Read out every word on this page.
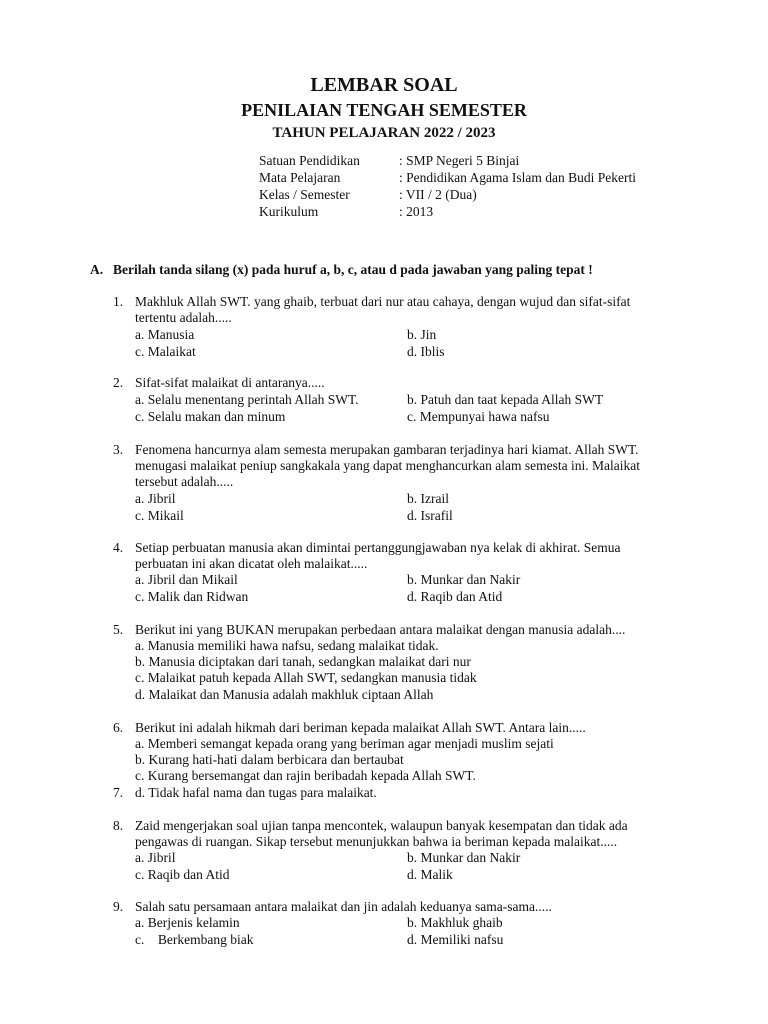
LEMBAR SOAL
PENILAIAN TENGAH SEMESTER
TAHUN PELAJARAN 2022 / 2023
Satuan Pendidikan	: SMP Negeri 5 Binjai
Mata Pelajaran	: Pendidikan Agama Islam dan Budi Pekerti
Kelas / Semester	: VII / 2 (Dua)
Kurikulum	: 2013
A. Berilah tanda silang (x) pada huruf a, b, c, atau d pada jawaban yang paling tepat !
1. Makhluk Allah SWT. yang ghaib, terbuat dari nur atau cahaya, dengan wujud dan sifat-sifat
tertentu adalah.....
a. Manusia	b. Jin
c. Malaikat	d. Iblis
2. Sifat-sifat malaikat di antaranya.....
a. Selalu menentang perintah Allah SWT.	b. Patuh dan taat kepada Allah SWT
c. Selalu makan dan minum	c. Mempunyai hawa nafsu
3. Fenomena hancurnya alam semesta merupakan gambaran terjadinya hari kiamat. Allah SWT.
menugasi malaikat peniup sangkakala yang dapat menghancurkan alam semesta ini. Malaikat
tersebut adalah.....
a. Jibril	b. Izrail
c. Mikail	d. Israfil
4. Setiap perbuatan manusia akan dimintai pertanggungjawaban nya kelak di akhirat. Semua
perbuatan ini akan dicatat oleh malaikat.....
a. Jibril dan Mikail	b. Munkar dan Nakir
c. Malik dan Ridwan	d. Raqib dan Atid
5. Berikut ini yang BUKAN merupakan perbedaan antara malaikat dengan manusia adalah....
a. Manusia memiliki hawa nafsu, sedang malaikat tidak.
b. Manusia diciptakan dari tanah, sedangkan malaikat dari nur
c. Malaikat patuh kepada Allah SWT, sedangkan manusia tidak
d. Malaikat dan Manusia adalah makhluk ciptaan Allah
6. Berikut ini adalah hikmah dari beriman kepada malaikat Allah SWT. Antara lain.....
a. Memberi semangat kepada orang yang beriman agar menjadi muslim sejati
b. Kurang hati-hati dalam berbicara dan bertaubat
c. Kurang bersemangat dan rajin beribadah kepada Allah SWT.
7. d. Tidak hafal nama dan tugas para malaikat.
8. Zaid mengerjakan soal ujian tanpa mencontek, walaupun banyak kesempatan dan tidak ada
pengawas di ruangan. Sikap tersebut menunjukkan bahwa ia beriman kepada malaikat.....
a. Jibril	b. Munkar dan Nakir
c. Raqib dan Atid	d. Malik
9. Salah satu persamaan antara malaikat dan jin adalah keduanya sama-sama.....
a. Berjenis kelamin	b. Makhluk ghaib
c.    Berkembang biak	d. Memiliki nafsu
